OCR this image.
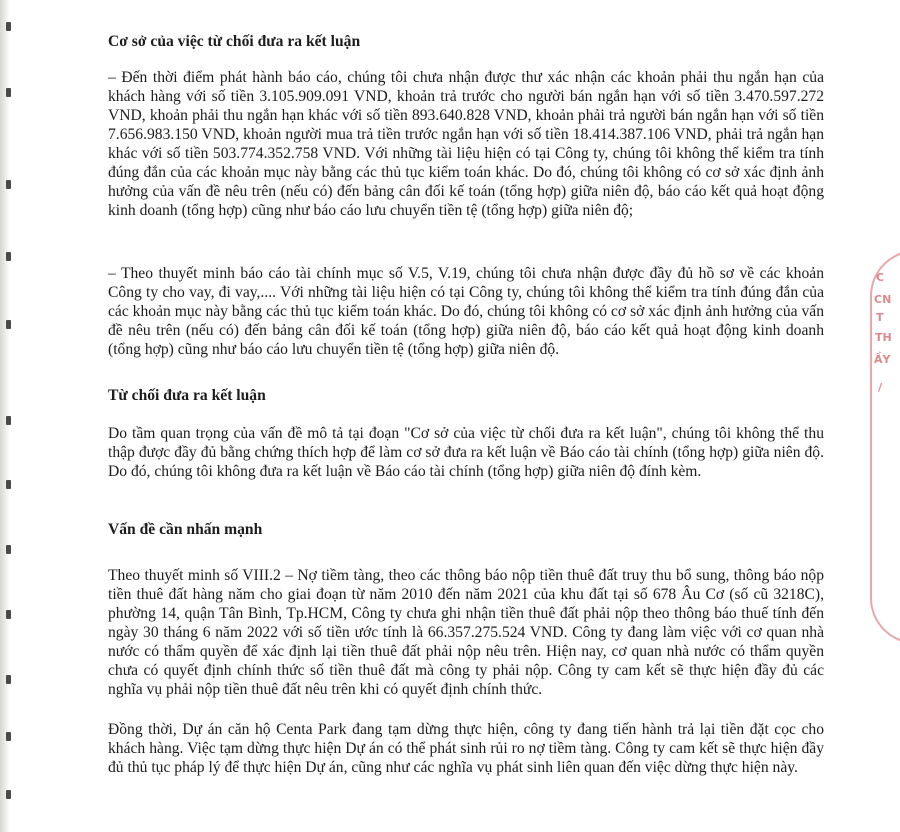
Cơ sở của việc từ chối đưa ra kết luận

– Đến thời điểm phát hành báo cáo, chúng tôi chưa nhận được thư xác nhận các khoản phải thu ngắn hạn của khách hàng với số tiền 3.105.909.091 VND, khoản trả trước cho người bán ngắn hạn với số tiền 3.470.597.272 VND, khoản phải thu ngắn hạn khác với số tiền 893.640.828 VND, khoản phải trả người bán ngắn hạn với số tiền 7.656.983.150 VND, khoản người mua trả tiền trước ngắn hạn với số tiền 18.414.387.106 VND, phải trả ngắn hạn khác với số tiền 503.774.352.758 VND. Với những tài liệu hiện có tại Công ty, chúng tôi không thể kiểm tra tính đúng đắn của các khoản mục này bằng các thủ tục kiểm toán khác. Do đó, chúng tôi không có cơ sở xác định ảnh hưởng của vấn đề nêu trên (nếu có) đến bảng cân đối kế toán (tổng hợp) giữa niên độ, báo cáo kết quả hoạt động kinh doanh (tổng hợp) cũng như báo cáo lưu chuyển tiền tệ (tổng hợp) giữa niên độ;

– Theo thuyết minh báo cáo tài chính mục số V.5, V.19, chúng tôi chưa nhận được đầy đủ hồ sơ về các khoản Công ty cho vay, đi vay,.... Với những tài liệu hiện có tại Công ty, chúng tôi không thể kiểm tra tính đúng đắn của các khoản mục này bằng các thủ tục kiểm toán khác. Do đó, chúng tôi không có cơ sở xác định ảnh hưởng của vấn đề nêu trên (nếu có) đến bảng cân đối kế toán (tổng hợp) giữa niên độ, báo cáo kết quả hoạt động kinh doanh (tổng hợp) cũng như báo cáo lưu chuyển tiền tệ (tổng hợp) giữa niên độ.

Từ chối đưa ra kết luận

Do tầm quan trọng của vấn đề mô tả tại đoạn "Cơ sở của việc từ chối đưa ra kết luận", chúng tôi không thể thu thập được đầy đủ bằng chứng thích hợp để làm cơ sở đưa ra kết luận về Báo cáo tài chính (tổng hợp) giữa niên độ. Do đó, chúng tôi không đưa ra kết luận về Báo cáo tài chính (tổng hợp) giữa niên độ đính kèm.

Vấn đề cần nhấn mạnh

Theo thuyết minh số VIII.2 – Nợ tiềm tàng, theo các thông báo nộp tiền thuê đất truy thu bổ sung, thông báo nộp tiền thuê đất hàng năm cho giai đoạn từ năm 2010 đến năm 2021 của khu đất tại số 678 Âu Cơ (số cũ 3218C), phường 14, quận Tân Bình, Tp.HCM, Công ty chưa ghi nhận tiền thuê đất phải nộp theo thông báo thuế tính đến ngày 30 tháng 6 năm 2022 với số tiền ước tính là 66.357.275.524 VND. Công ty đang làm việc với cơ quan nhà nước có thẩm quyền để xác định lại tiền thuê đất phải nộp nêu trên. Hiện nay, cơ quan nhà nước có thẩm quyền chưa có quyết định chính thức số tiền thuê đất mà công ty phải nộp. Công ty cam kết sẽ thực hiện đầy đủ các nghĩa vụ phải nộp tiền thuê đất nêu trên khi có quyết định chính thức.

Đồng thời, Dự án căn hộ Centa Park đang tạm dừng thực hiện, công ty đang tiến hành trả lại tiền đặt cọc cho khách hàng. Việc tạm dừng thực hiện Dự án có thể phát sinh rủi ro nợ tiềm tàng. Công ty cam kết sẽ thực hiện đầy đủ thủ tục pháp lý để thực hiện Dự án, cũng như các nghĩa vụ phát sinh liên quan đến việc dừng thực hiện này.

C
CN
T
TH
ẦY
/
